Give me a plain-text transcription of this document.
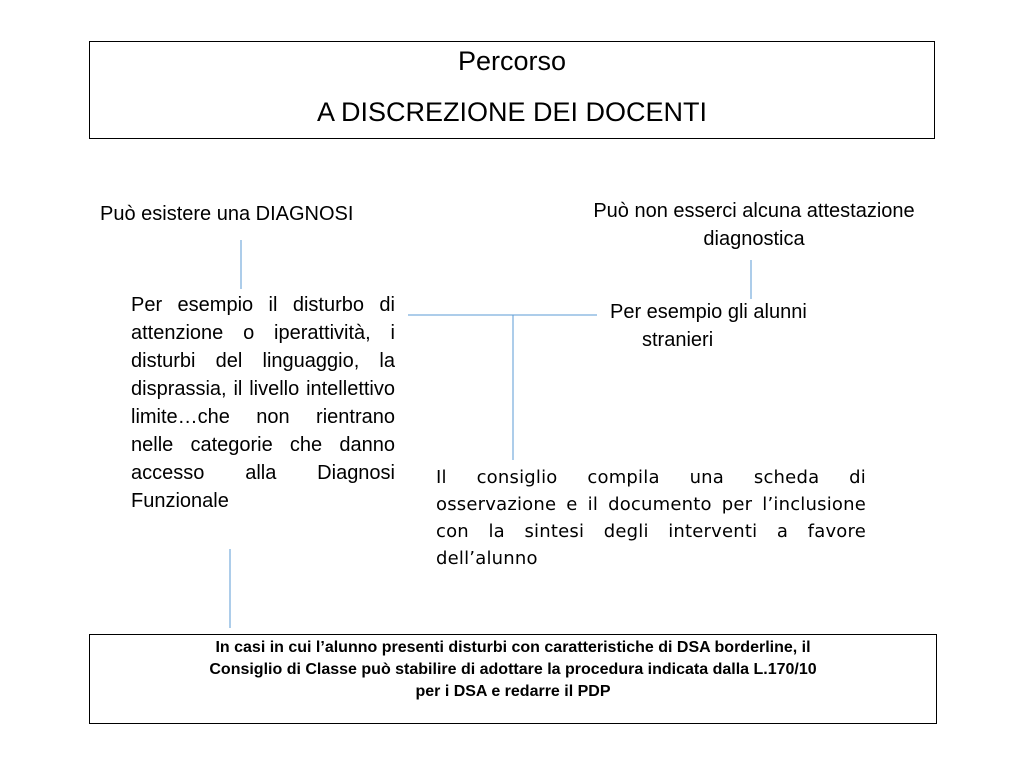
Percorso
A DISCREZIONE DEI DOCENTI
Può esistere una DIAGNOSI	Può non esserci alcuna attestazione
diagnostica
Per esempio il disturbo di attenzione o iperattività, i disturbi del linguaggio, la disprassia, il livello intellettivo limite…che non rientrano nelle categorie che danno accesso alla Diagnosi Funzionale
Per esempio gli alunni
stranieri
Il consiglio compila una scheda di osservazione e il documento per l’inclusione con la sintesi degli interventi a favore dell’alunno
In casi in cui l’alunno presenti disturbi con caratteristiche di DSA borderline, il
Consiglio di Classe può stabilire di adottare la procedura indicata dalla L.170/10
per i DSA e redarre il PDP
